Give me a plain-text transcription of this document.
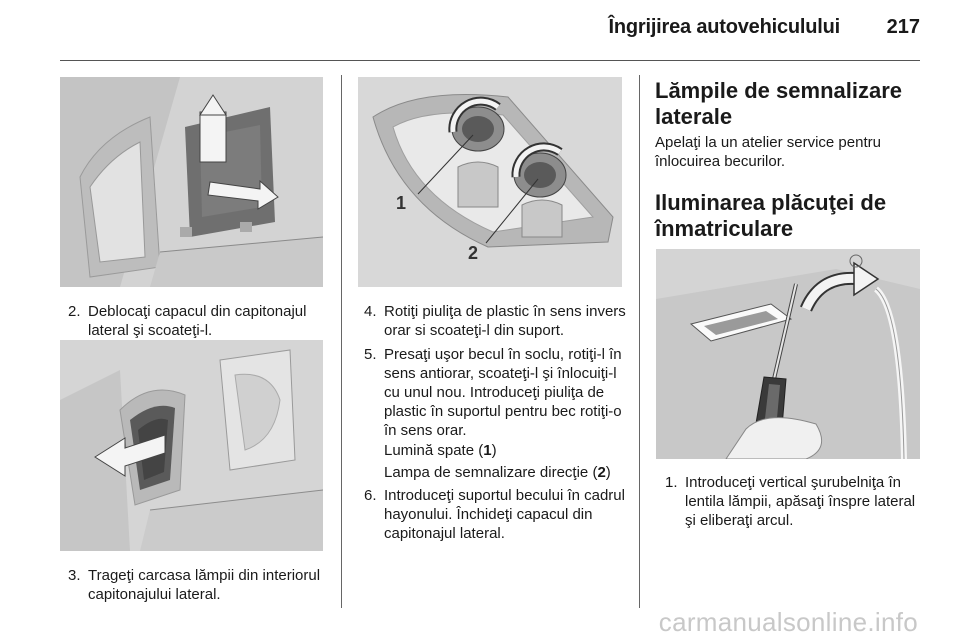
Îngrijirea autovehiculului 217
2. Deblocaţi capacul din capitonajul lateral şi scoateţi-l.
3. Trageţi carcasa lămpii din interiorul capitonajului lateral.
1
2
4. Rotiţi piuliţa de plastic în sens invers orar si scoateţi-l din suport.
5. Presaţi uşor becul în soclu, rotiţi-l în sens antiorar, scoateţi-l şi înlocuiţi-l cu unul nou. Introduceţi piuliţa de plastic în suportul pentru bec rotiţi-o în sens orar.
Lumină spate (1)
Lampa de semnalizare direcţie (2)
6. Introduceţi suportul becului în cadrul hayonului. Închideţi capacul din capitonajul lateral.
Lămpile de semnalizare laterale
Apelaţi la un atelier service pentru înlocuirea becurilor.
Iluminarea plăcuţei de înmatriculare
1. Introduceţi vertical şurubelniţa în lentila lămpii, apăsaţi înspre lateral şi eliberaţi arcul.
carmanualsonline.info
